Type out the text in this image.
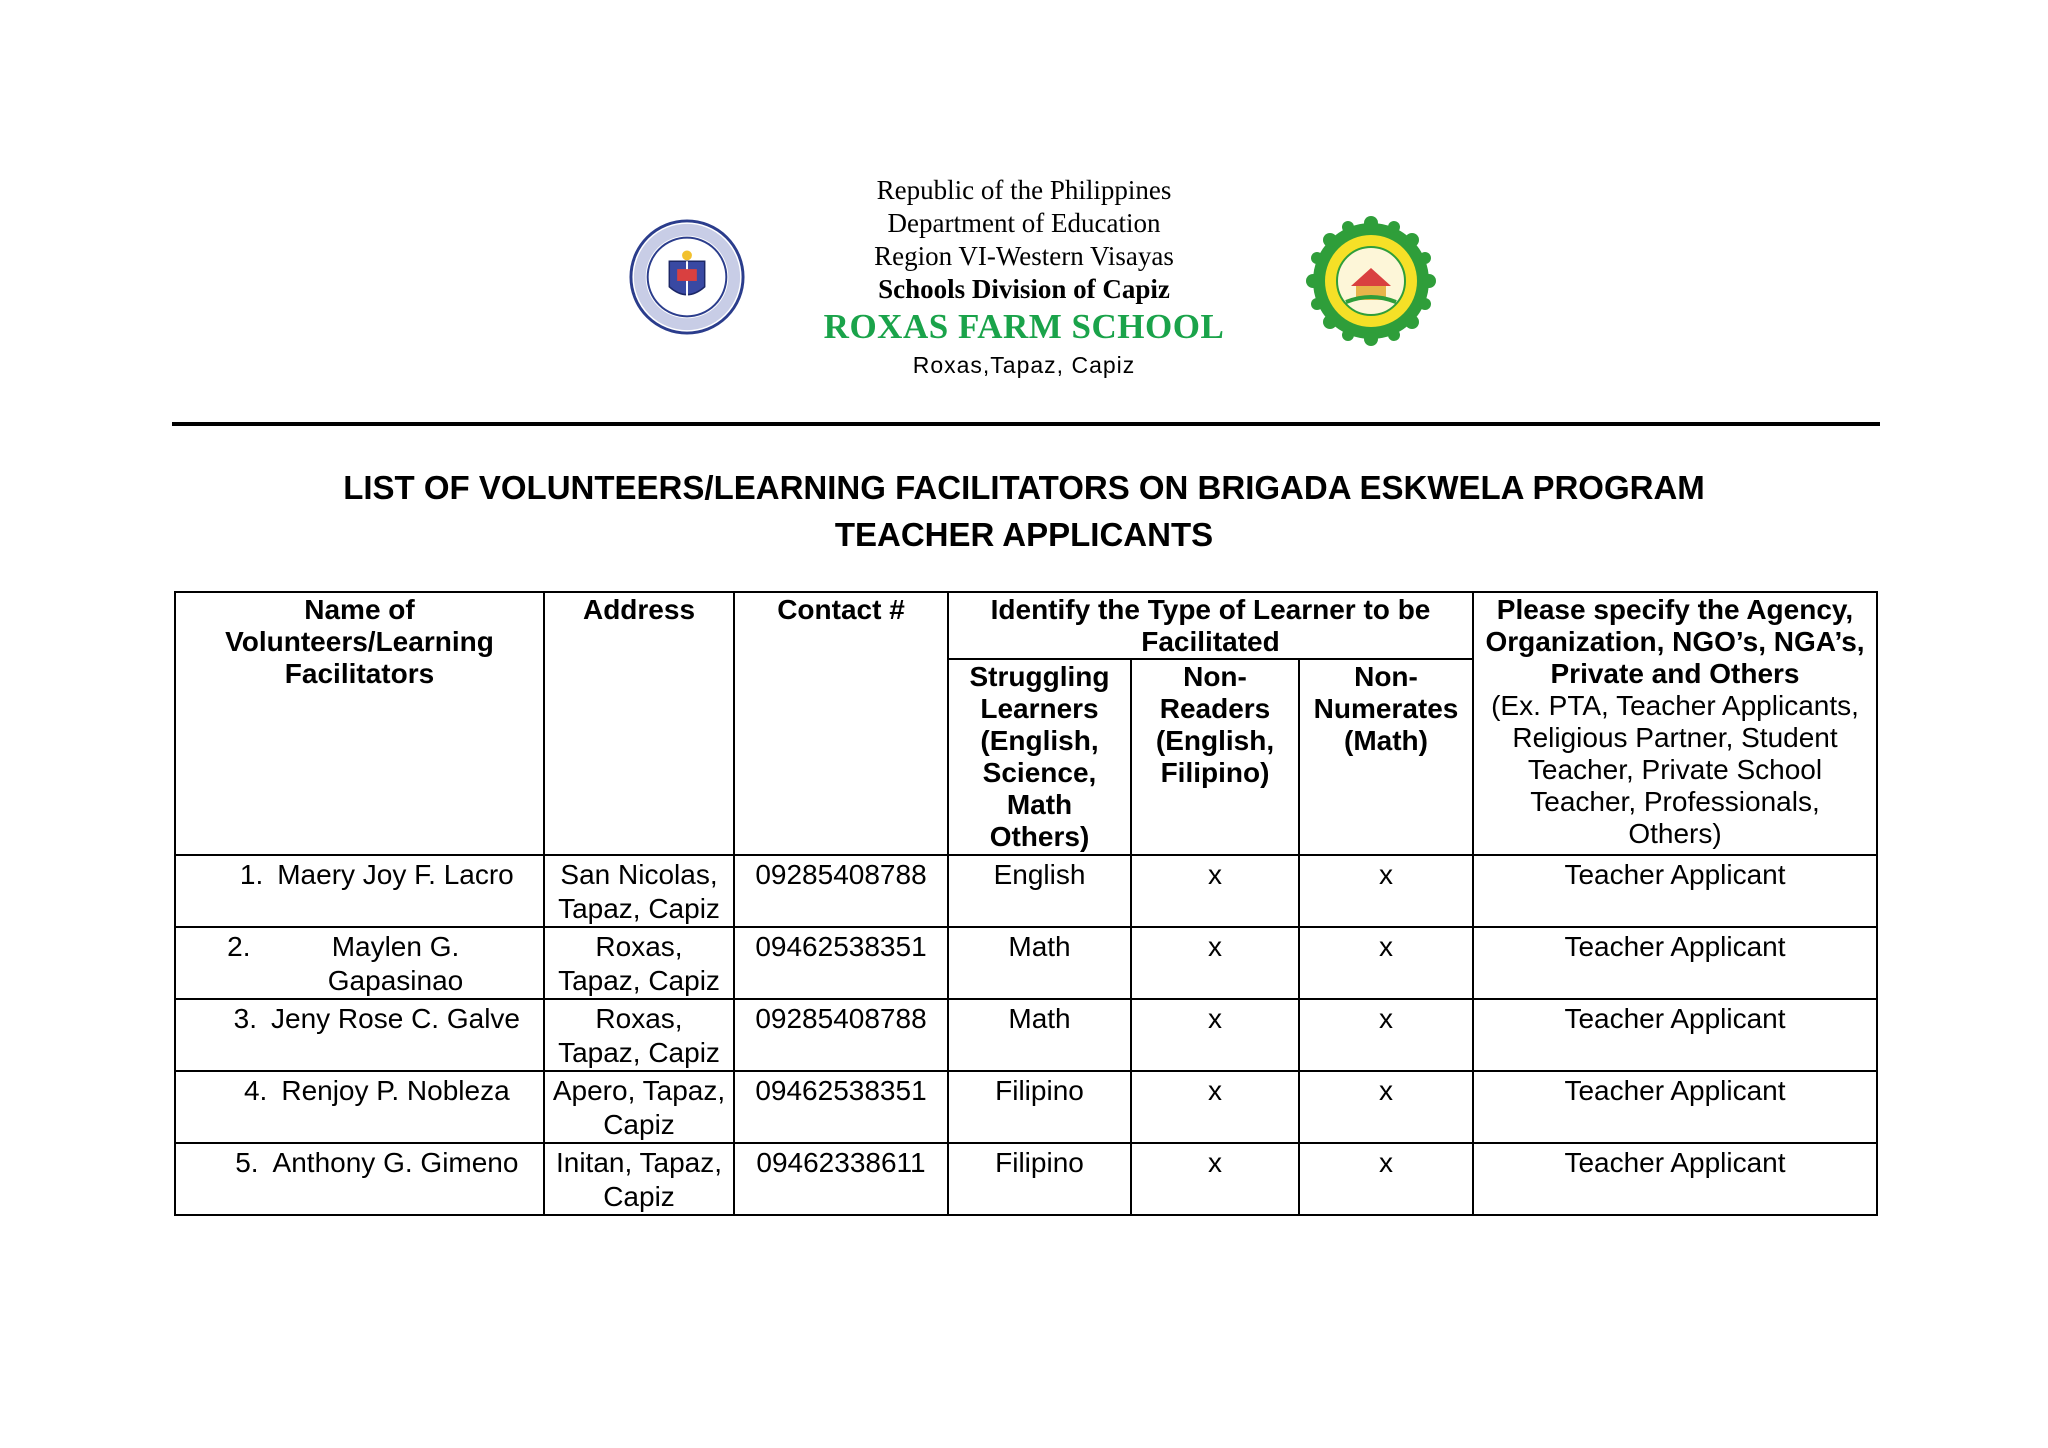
Republic of the Philippines
Department of Education
Region VI-Western Visayas
Schools Division of Capiz
ROXAS FARM SCHOOL
Roxas,Tapaz, Capiz
LIST OF VOLUNTEERS/LEARNING FACILITATORS ON BRIGADA ESKWELA PROGRAM
TEACHER APPLICANTS
Name of Volunteers/Learning Facilitators	Address	Contact #	Identify the Type of Learner to be Facilitated			Please specify the Agency, Organization, NGO’s, NGA’s, Private and Others
(Ex. PTA, Teacher Applicants, Religious Partner, Student Teacher, Private School Teacher, Professionals, Others)
			Struggling Learners (English, Science, Math Others)	Non-Readers (English, Filipino)	Non-Numerates (Math)	
1. Maery Joy F. Lacro	San Nicolas, Tapaz, Capiz	09285408788	English	x	x	Teacher Applicant
2. Maylen G. Gapasinao	Roxas, Tapaz, Capiz	09462538351	Math	x	x	Teacher Applicant
3. Jeny Rose C. Galve	Roxas, Tapaz, Capiz	09285408788	Math	x	x	Teacher Applicant
4. Renjoy P. Nobleza	Apero, Tapaz, Capiz	09462538351	Filipino	x	x	Teacher Applicant
5. Anthony G. Gimeno	Initan, Tapaz, Capiz	09462338611	Filipino	x	x	Teacher Applicant
